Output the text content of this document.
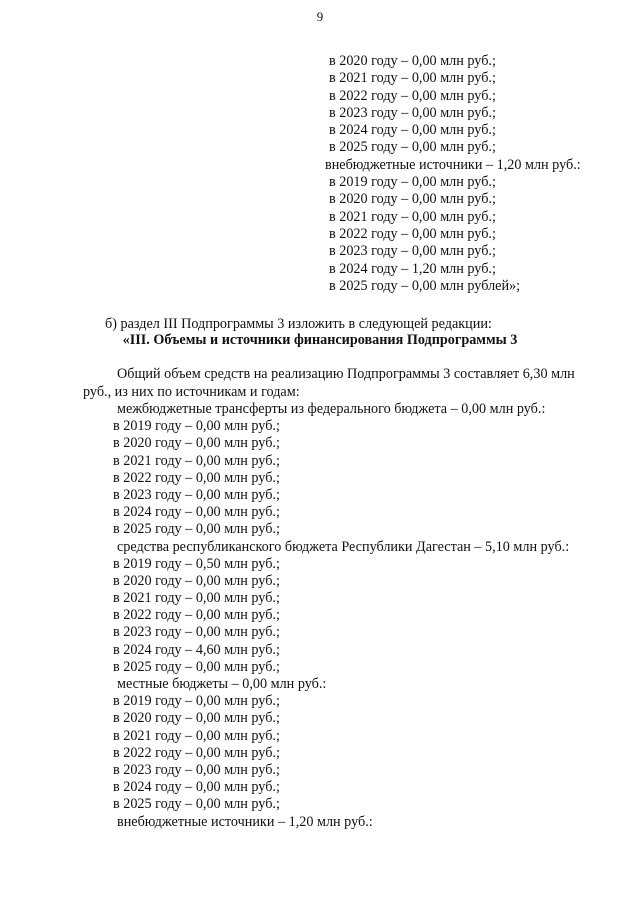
9
в 2020 году – 0,00 млн руб.;
в 2021 году – 0,00 млн руб.;
в 2022 году – 0,00 млн руб.;
в 2023 году – 0,00 млн руб.;
в 2024 году – 0,00 млн руб.;
в 2025 году – 0,00 млн руб.;
внебюджетные источники – 1,20 млн руб.:
в 2019 году – 0,00 млн руб.;
в 2020 году – 0,00 млн руб.;
в 2021 году – 0,00 млн руб.;
в 2022 году – 0,00 млн руб.;
в 2023 году – 0,00 млн руб.;
в 2024 году – 1,20 млн руб.;
в 2025 году – 0,00 млн рублей»;
б) раздел III Подпрограммы 3 изложить в следующей редакции:
«III. Объемы и источники финансирования Подпрограммы 3
Общий объем средств на реализацию Подпрограммы 3 составляет 6,30 млн
руб., из них по источникам и годам:
межбюджетные трансферты из федерального бюджета – 0,00 млн руб.:
в 2019 году – 0,00 млн руб.;
в 2020 году – 0,00 млн руб.;
в 2021 году – 0,00 млн руб.;
в 2022 году – 0,00 млн руб.;
в 2023 году – 0,00 млн руб.;
в 2024 году – 0,00 млн руб.;
в 2025 году – 0,00 млн руб.;
средства республиканского бюджета Республики Дагестан – 5,10 млн руб.:
в 2019 году – 0,50 млн руб.;
в 2020 году – 0,00 млн руб.;
в 2021 году – 0,00 млн руб.;
в 2022 году – 0,00 млн руб.;
в 2023 году – 0,00 млн руб.;
в 2024 году – 4,60 млн руб.;
в 2025 году – 0,00 млн руб.;
местные бюджеты – 0,00 млн руб.:
в 2019 году – 0,00 млн руб.;
в 2020 году – 0,00 млн руб.;
в 2021 году – 0,00 млн руб.;
в 2022 году – 0,00 млн руб.;
в 2023 году – 0,00 млн руб.;
в 2024 году – 0,00 млн руб.;
в 2025 году – 0,00 млн руб.;
внебюджетные источники – 1,20 млн руб.:
